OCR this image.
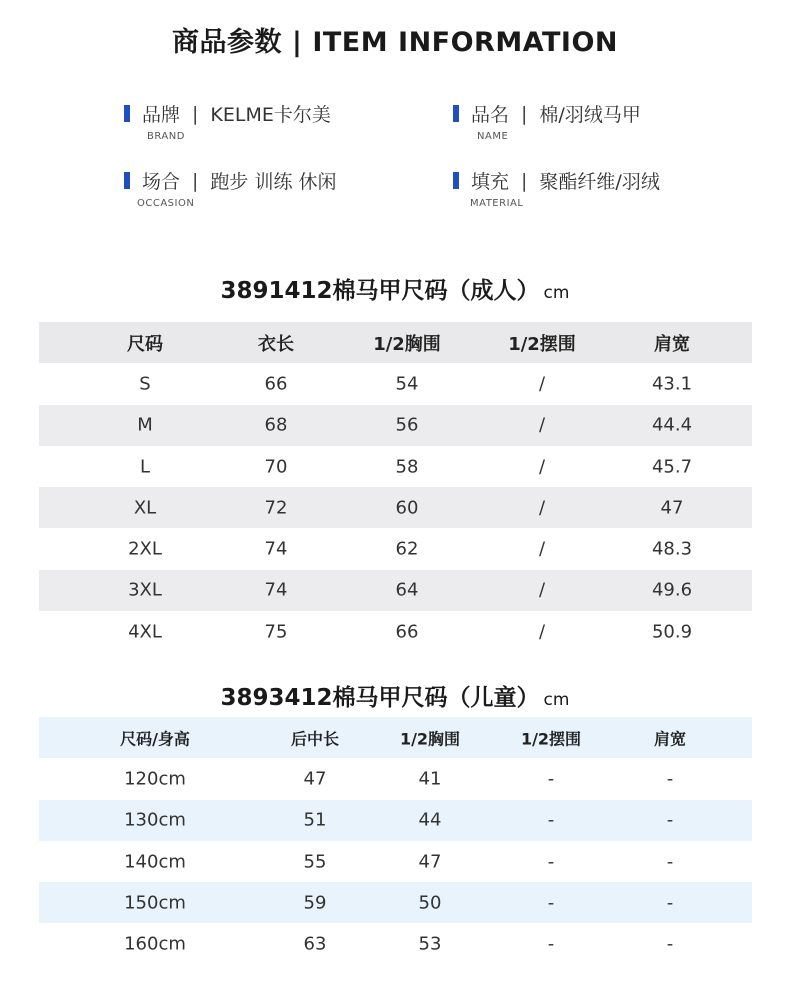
商品参数 | ITEM INFORMATION
品牌 | KELME卡尔美
BRAND
品名 | 棉/羽绒马甲
NAME
场合 | 跑步 训练 休闲
OCCASION
填充 | 聚酯纤维/羽绒
MATERIAL
3891412棉马甲尺码（成人） cm
尺码	衣长	1/2胸围	1/2摆围	肩宽
S	66	54	/	43.1
M	68	56	/	44.4
L	70	58	/	45.7
XL	72	60	/	47
2XL	74	62	/	48.3
3XL	74	64	/	49.6
4XL	75	66	/	50.9
3893412棉马甲尺码（儿童） cm
尺码/身高	后中长	1/2胸围	1/2摆围	肩宽
120cm	47	41	-	-
130cm	51	44	-	-
140cm	55	47	-	-
150cm	59	50	-	-
160cm	63	53	-	-
